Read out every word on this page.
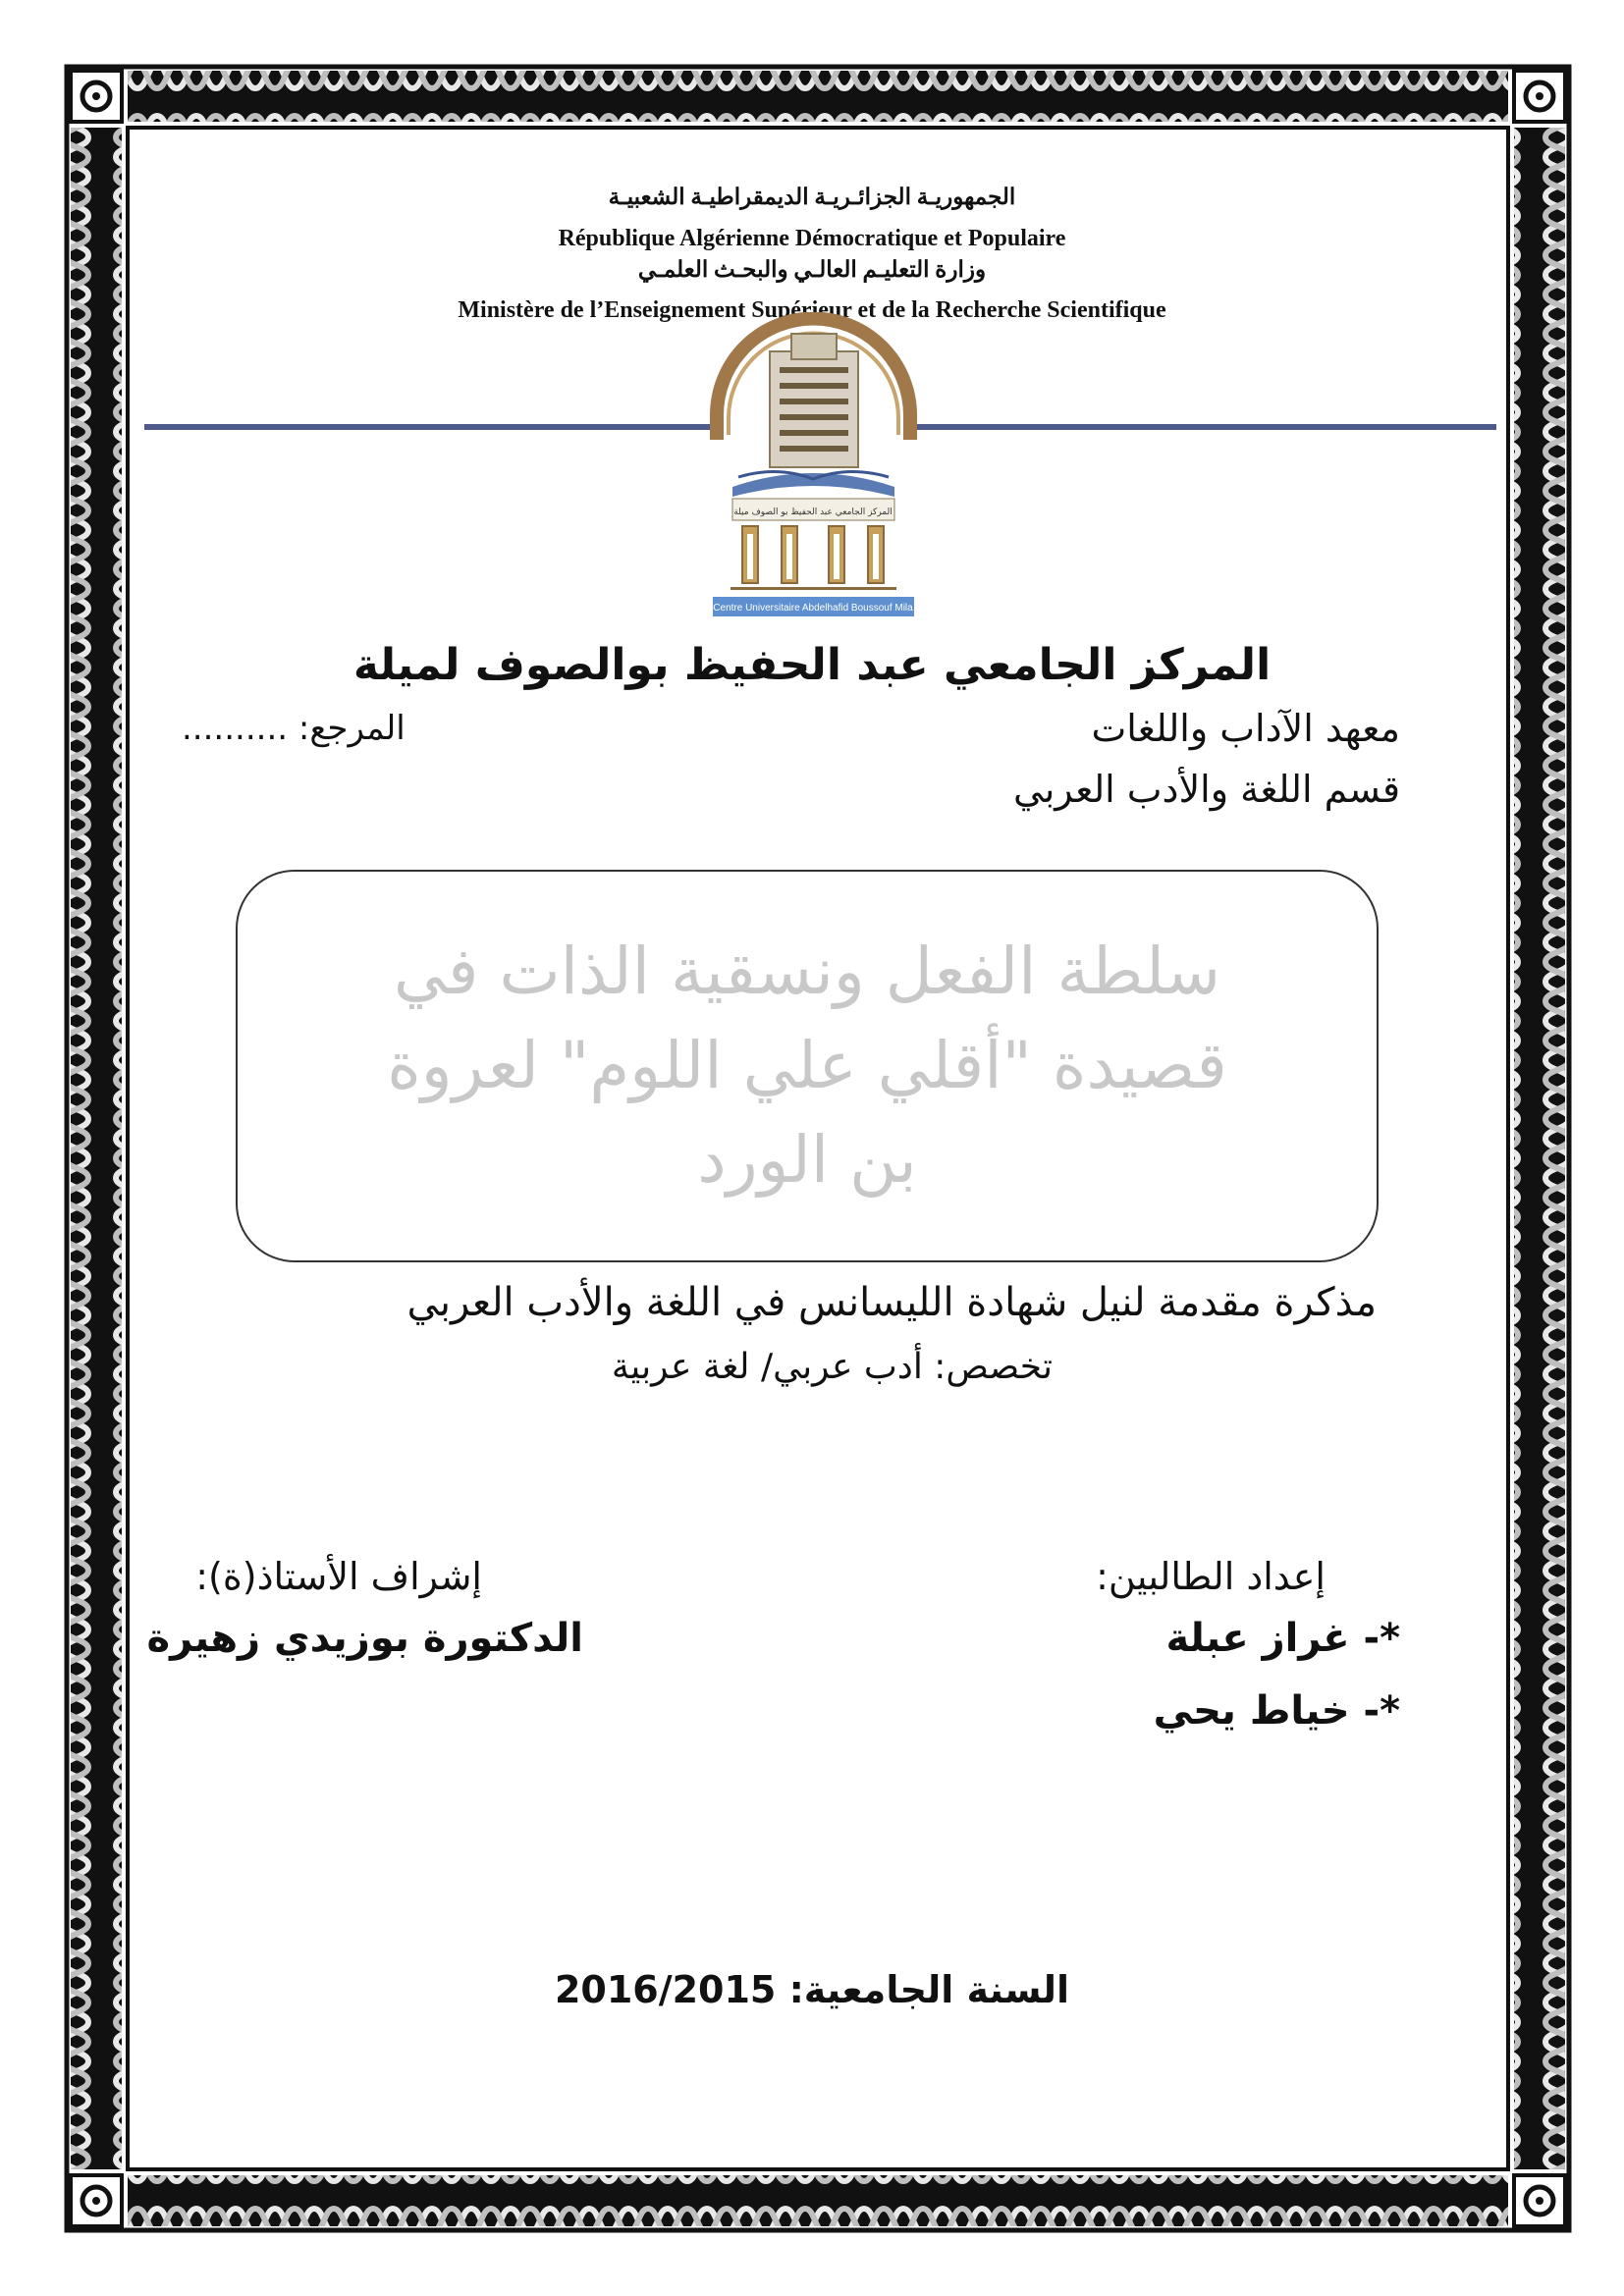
الجمهوريـة الجزائـريـة الديمقراطيـة الشعبيـة
République Algérienne Démocratique et Populaire
وزارة التعليـم العالـي والبحـث العلمـي
Ministère de l’Enseignement Supérieur et de la Recherche Scientifique
المركز الجامعي عبد الحفيظ بو الصوف ميلة
Centre Universitaire Abdelhafid Boussouf Mila
المركز الجامعي عبد الحفيظ بوالصوف لميلة
معهد الآداب واللغات
المرجع: ..........
قسم اللغة والأدب العربي
سلطة الفعل ونسقية الذات في
قصيدة "أقلي علي اللوم" لعروة
بن الورد
مذكرة مقدمة لنيل شهادة الليسانس في اللغة والأدب العربي
تخصص: أدب عربي/ لغة عربية
إعداد الطالبين:
إشراف الأستاذ(ة):
*- غراز عبلة
*- خياط يحي
الدكتورة بوزيدي زهيرة
السنة الجامعية: 2016/2015
